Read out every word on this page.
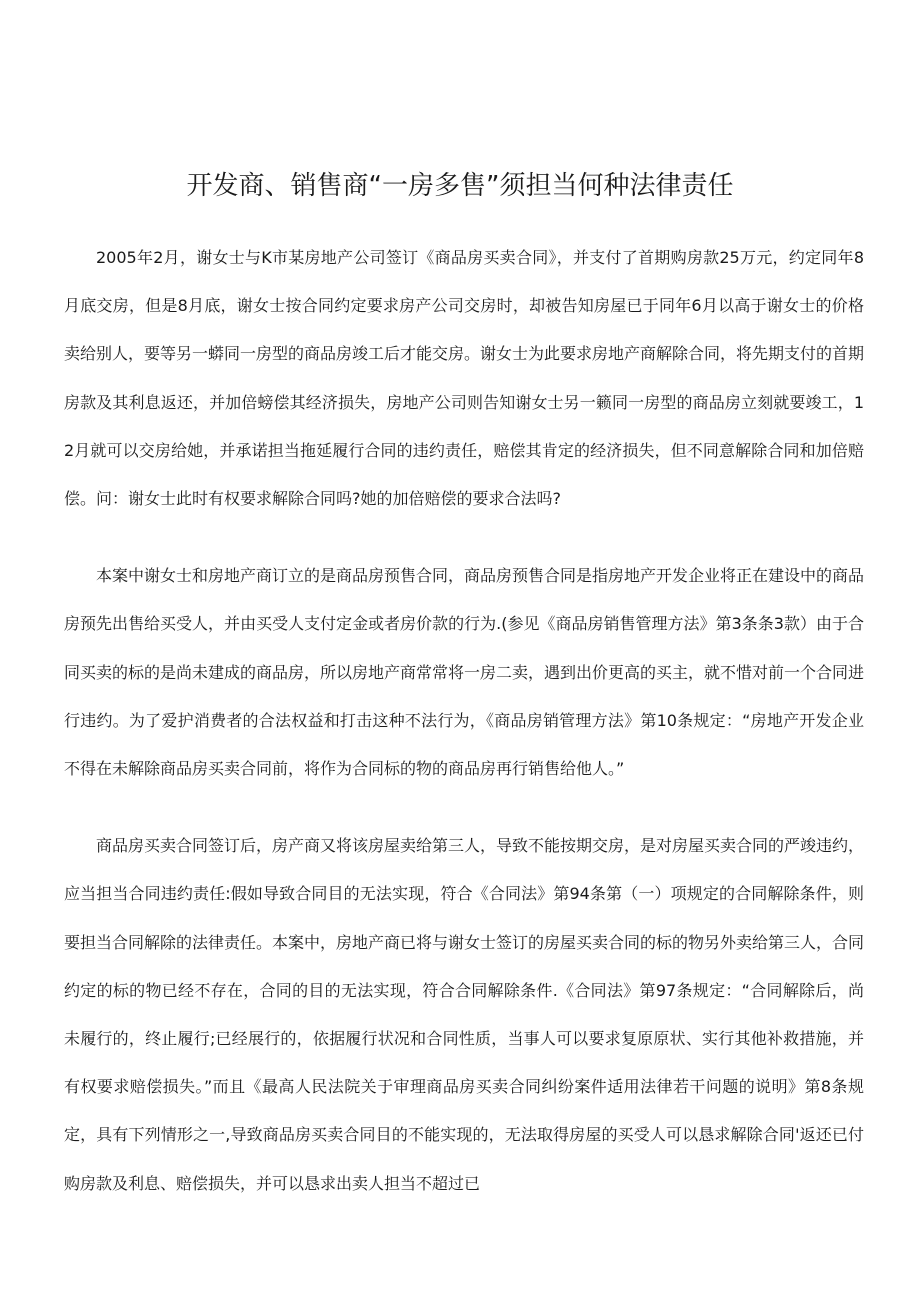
开发商、销售商“一房多售”须担当何种法律责任

2005年2月，谢女士与K市某房地产公司签订《商品房买卖合同》，并支付了首期购房款25万元，约定同年8月底交房，但是8月底，谢女士按合同约定要求房产公司交房时，却被告知房屋已于同年6月以高于谢女士的价格卖给别人，要等另一蟒同一房型的商品房竣工后才能交房。谢女士为此要求房地产商解除合同，将先期支付的首期房款及其利息返还，并加倍螃偿其经济损失，房地产公司则告知谢女士另一籁同一房型的商品房立刻就要竣工，12月就可以交房给她，并承诺担当拖延履行合同的违约责任，赔偿其肯定的经济损失，但不同意解除合同和加倍赔偿。问：谢女士此时有权要求解除合同吗?她的加倍赔偿的要求合法吗?

本案中谢女士和房地产商订立的是商品房预售合同，商品房预售合同是指房地产开发企业将正在建设中的商品房预先出售给买受人，并由买受人支付定金或者房价款的行为.(参见《商品房销售管理方法》第3条条3款）由于合同买卖的标的是尚未建成的商品房，所以房地产商常常将一房二卖，遇到出价更高的买主，就不惜对前一个合同进行违约。为了爱护消费者的合法权益和打击这种不法行为，《商品房销管理方法》第10条规定：“房地产开发企业不得在未解除商品房买卖合同前，将作为合同标的物的商品房再行销售给他人。”

商品房买卖合同签订后，房产商又将该房屋卖给第三人，导致不能按期交房，是对房屋买卖合同的严竣违约，应当担当合同违约责任:假如导致合同目的无法实现，符合《合同法》第94条第（一）项规定的合同解除条件，则要担当合同解除的法律责任。本案中，房地产商已将与谢女士签订的房屋买卖合同的标的物另外卖给第三人，合同约定的标的物已经不存在，合同的目的无法实现，符合合同解除条件.《合同法》第97条规定：“合同解除后，尚未履行的，终止履行;已经展行的，依据履行状况和合同性质，当事人可以要求复原原状、实行其他补救措施，并有权要求赔偿损失。”而且《最高人民法院关于审理商品房买卖合同纠纷案件适用法律若干问题的说明》第8条规定，具有下列情形之一,导致商品房买卖合同目的不能实现的，无法取得房屋的买受人可以恳求解除合同'返还已付购房款及利息、赔偿损失，并可以恳求出卖人担当不超过已
